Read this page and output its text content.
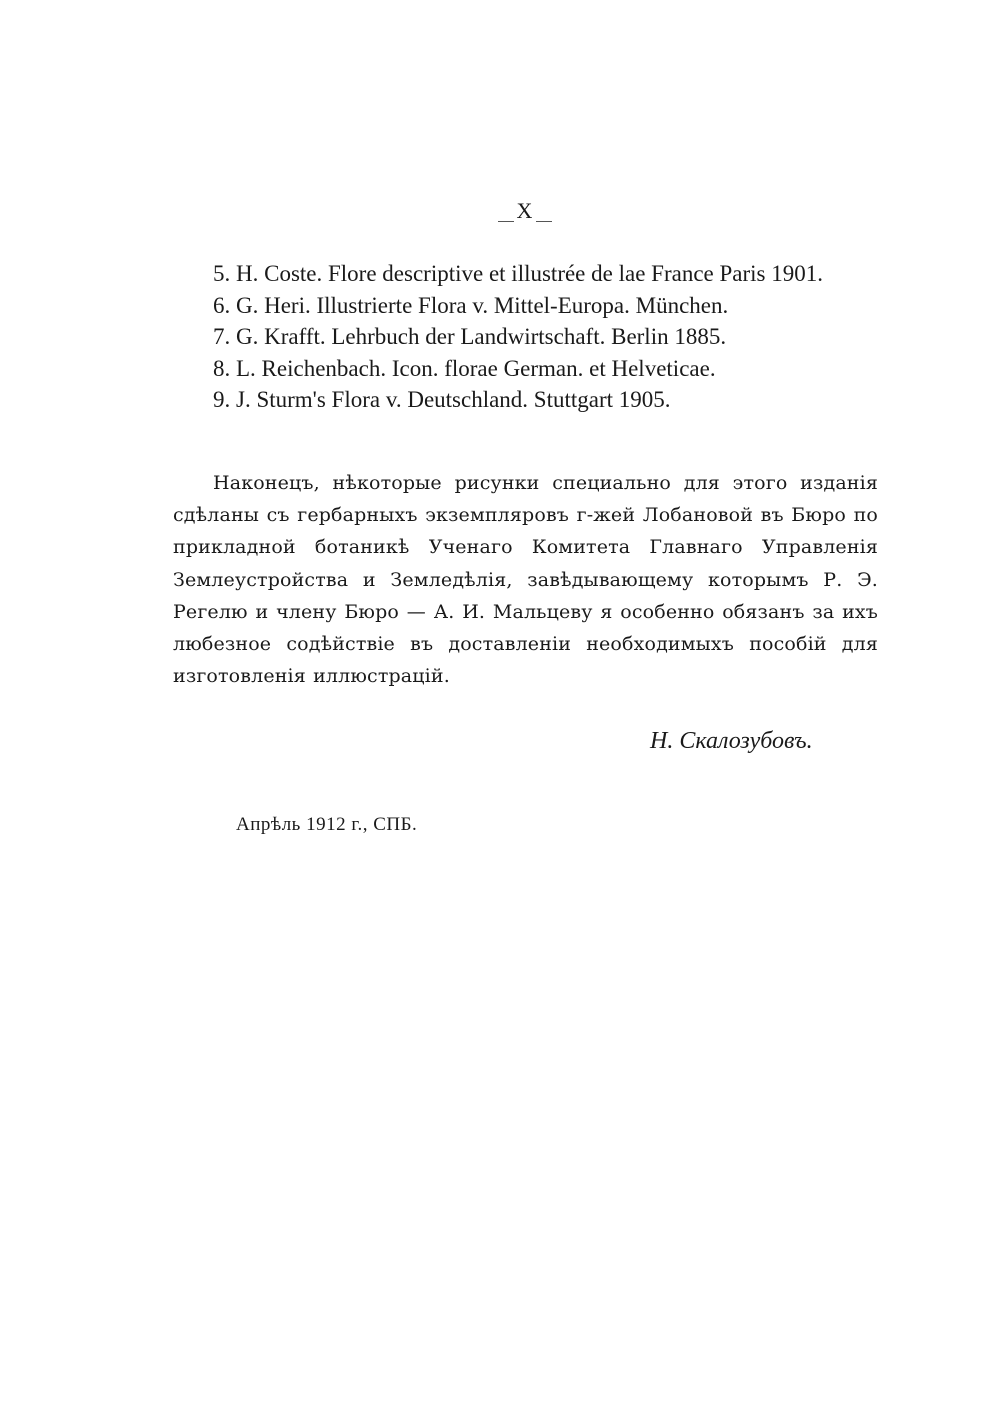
X

5. H. Coste. Flore descriptive et illustrée de lae France Paris 1901.

6. G. Heri. Illustrierte Flora v. Mittel-Europa. München.

7. G. Krafft. Lehrbuch der Landwirtschaft. Berlin 1885.

8. L. Reichenbach. Icon. florae German. et Helveticae.

9. J. Sturm's Flora v. Deutschland. Stuttgart 1905.

Наконецъ, нѣкоторые рисунки специально для этого изданія сдѣланы съ гербарныхъ экземпляровъ г-жей Лобановой въ Бюро по прикладной ботаникѣ Ученаго Комитета Главнаго Управленія Землеустройства и Земледѣлія, завѣдывающему которымъ Р. Э. Регелю и члену Бюро — А. И. Мальцеву я особенно обязанъ за ихъ любезное содѣйствіе въ доставленіи необходимыхъ пособій для изготовленія иллюстрацій.

Н. Скалозубовъ.
Апрѣль 1912 г., СПБ.
